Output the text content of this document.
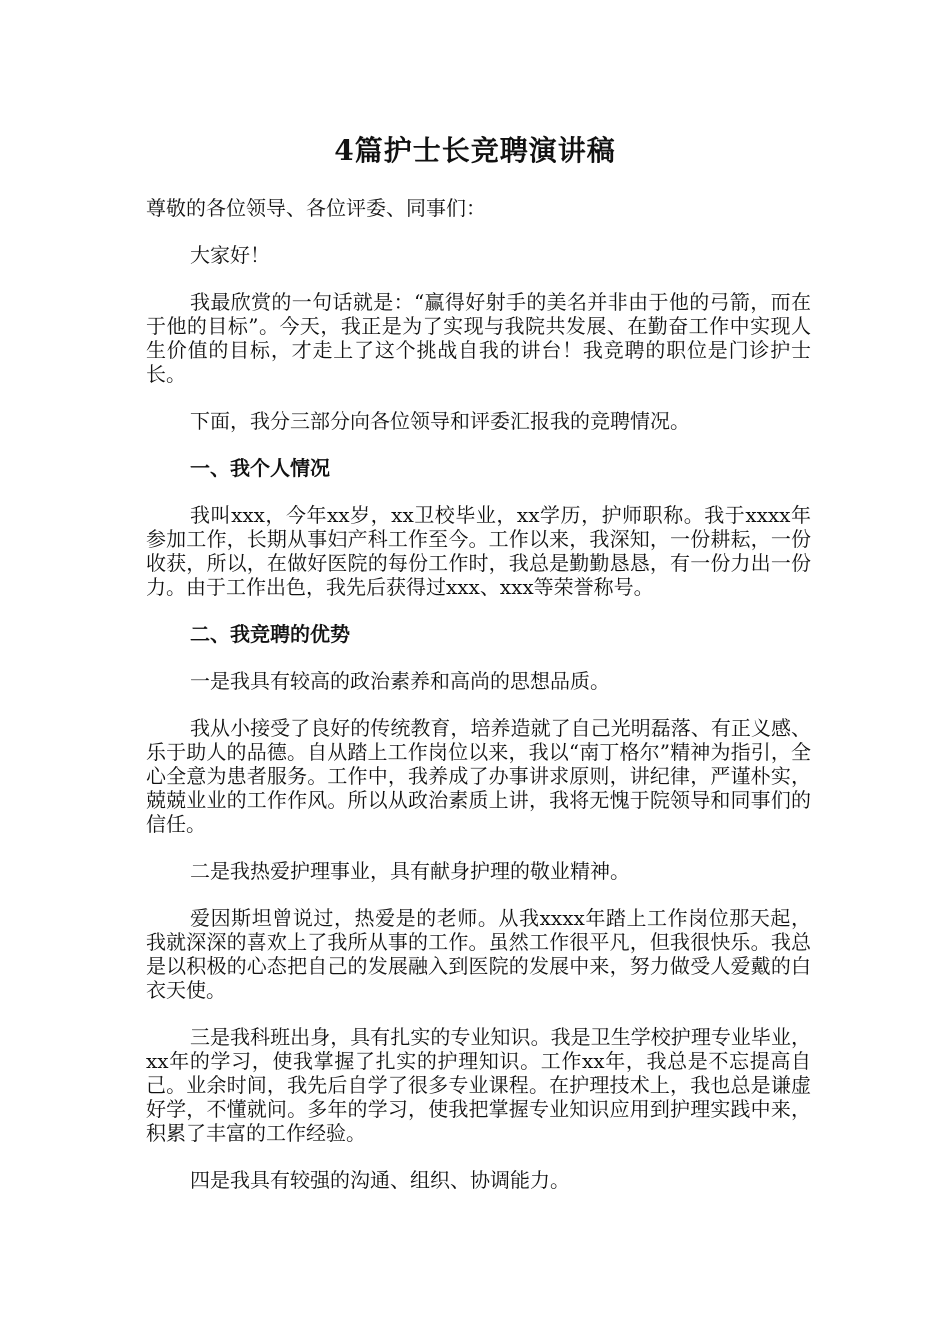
4篇护士长竞聘演讲稿

尊敬的各位领导、各位评委、同事们：

大家好！

我最欣赏的一句话就是：“赢得好射手的美名并非由于他的弓箭，而在于他的目标”。今天，我正是为了实现与我院共发展、在勤奋工作中实现人生价值的目标，才走上了这个挑战自我的讲台！我竞聘的职位是门诊护士长。

下面，我分三部分向各位领导和评委汇报我的竞聘情况。

一、我个人情况

我叫xxx，今年xx岁，xx卫校毕业，xx学历，护师职称。我于xxxx年参加工作，长期从事妇产科工作至今。工作以来，我深知，一份耕耘，一份收获，所以，在做好医院的每份工作时，我总是勤勤恳恳，有一份力出一份力。由于工作出色，我先后获得过xxx、xxx等荣誉称号。

二、我竞聘的优势

一是我具有较高的政治素养和高尚的思想品质。

我从小接受了良好的传统教育，培养造就了自己光明磊落、有正义感、乐于助人的品德。自从踏上工作岗位以来，我以“南丁格尔”精神为指引，全心全意为患者服务。工作中，我养成了办事讲求原则，讲纪律，严谨朴实，兢兢业业的工作作风。所以从政治素质上讲，我将无愧于院领导和同事们的信任。

二是我热爱护理事业，具有献身护理的敬业精神。

爱因斯坦曾说过，热爱是的老师。从我xxxx年踏上工作岗位那天起，我就深深的喜欢上了我所从事的工作。虽然工作很平凡，但我很快乐。我总是以积极的心态把自己的发展融入到医院的发展中来，努力做受人爱戴的白衣天使。

三是我科班出身，具有扎实的专业知识。我是卫生学校护理专业毕业，xx年的学习，使我掌握了扎实的护理知识。工作xx年，我总是不忘提高自己。业余时间，我先后自学了很多专业课程。在护理技术上，我也总是谦虚好学，不懂就问。多年的学习，使我把掌握专业知识应用到护理实践中来，积累了丰富的工作经验。

四是我具有较强的沟通、组织、协调能力。
